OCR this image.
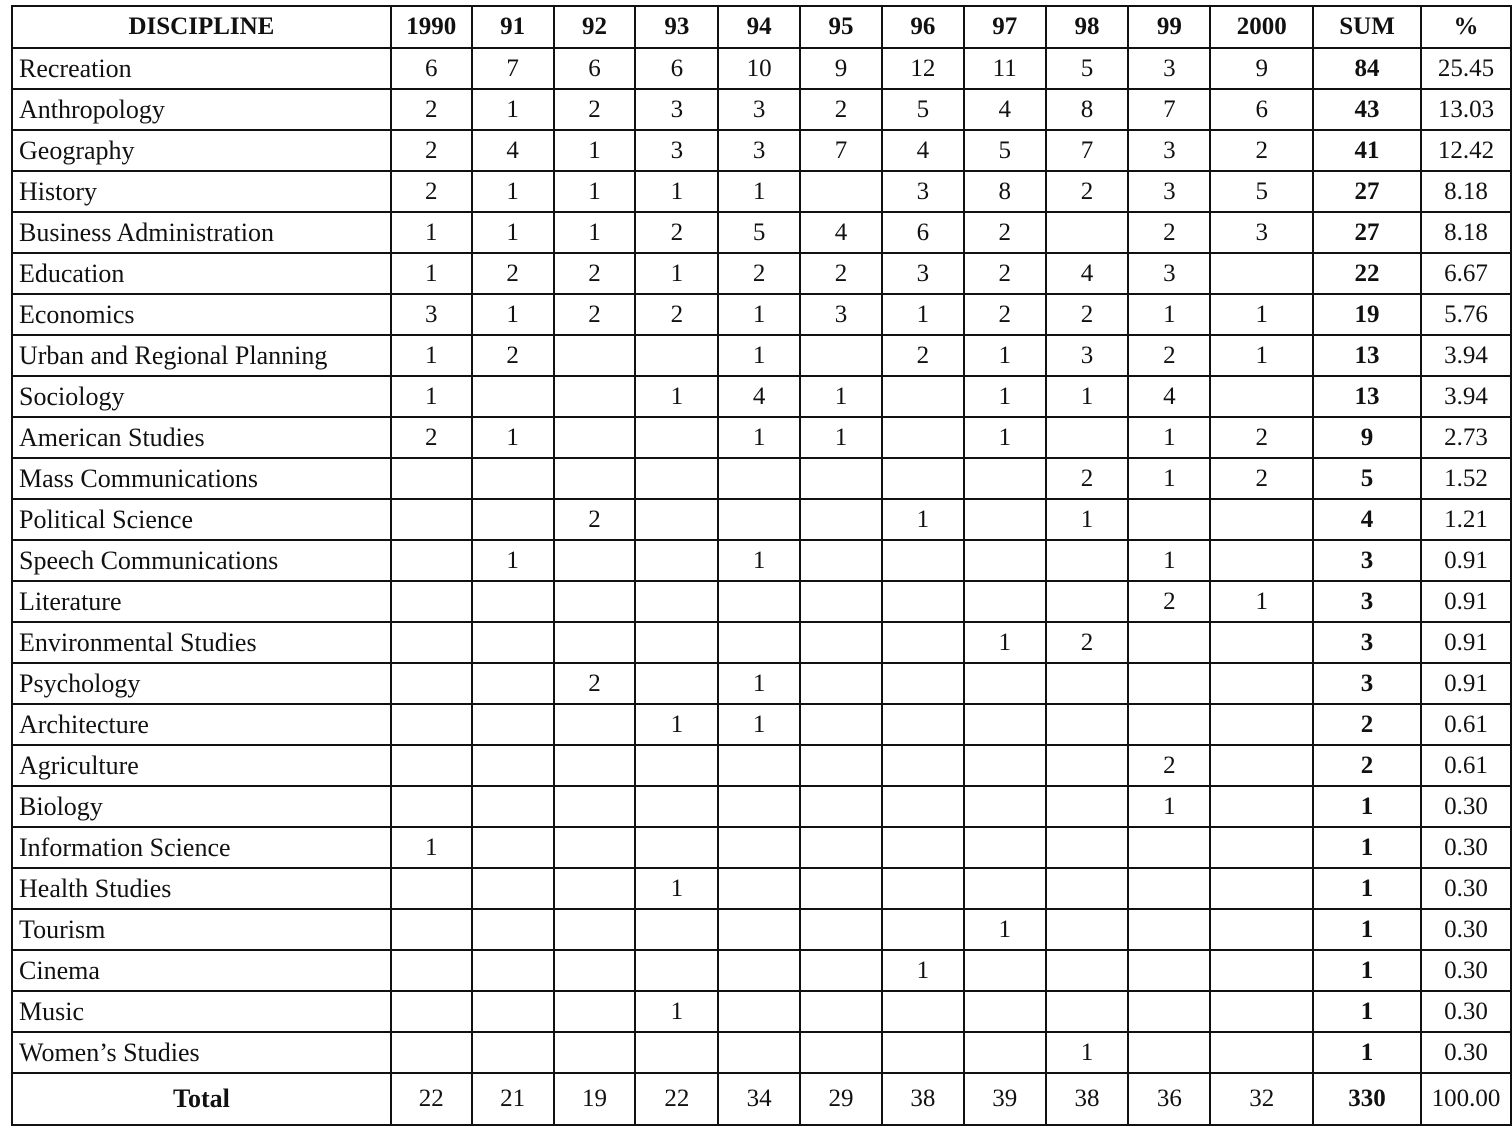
DISCIPLINE	1990	91	92	93	94	95	96	97	98	99	2000	SUM	%
Recreation	6	7	6	6	10	9	12	11	5	3	9	84	25.45
Anthropology	2	1	2	3	3	2	5	4	8	7	6	43	13.03
Geography	2	4	1	3	3	7	4	5	7	3	2	41	12.42
History	2	1	1	1	1		3	8	2	3	5	27	8.18
Business Administration	1	1	1	2	5	4	6	2		2	3	27	8.18
Education	1	2	2	1	2	2	3	2	4	3		22	6.67
Economics	3	1	2	2	1	3	1	2	2	1	1	19	5.76
Urban and Regional Planning	1	2			1		2	1	3	2	1	13	3.94
Sociology	1			1	4	1		1	1	4		13	3.94
American Studies	2	1			1	1		1		1	2	9	2.73
Mass Communications									2	1	2	5	1.52
Political Science			2				1		1			4	1.21
Speech Communications		1			1					1		3	0.91
Literature										2	1	3	0.91
Environmental Studies								1	2			3	0.91
Psychology			2		1							3	0.91
Architecture				1	1							2	0.61
Agriculture										2		2	0.61
Biology										1		1	0.30
Information Science	1											1	0.30
Health Studies				1								1	0.30
Tourism								1				1	0.30
Cinema							1					1	0.30
Music				1								1	0.30
Women’s Studies									1			1	0.30
Total	22	21	19	22	34	29	38	39	38	36	32	330	100.00
